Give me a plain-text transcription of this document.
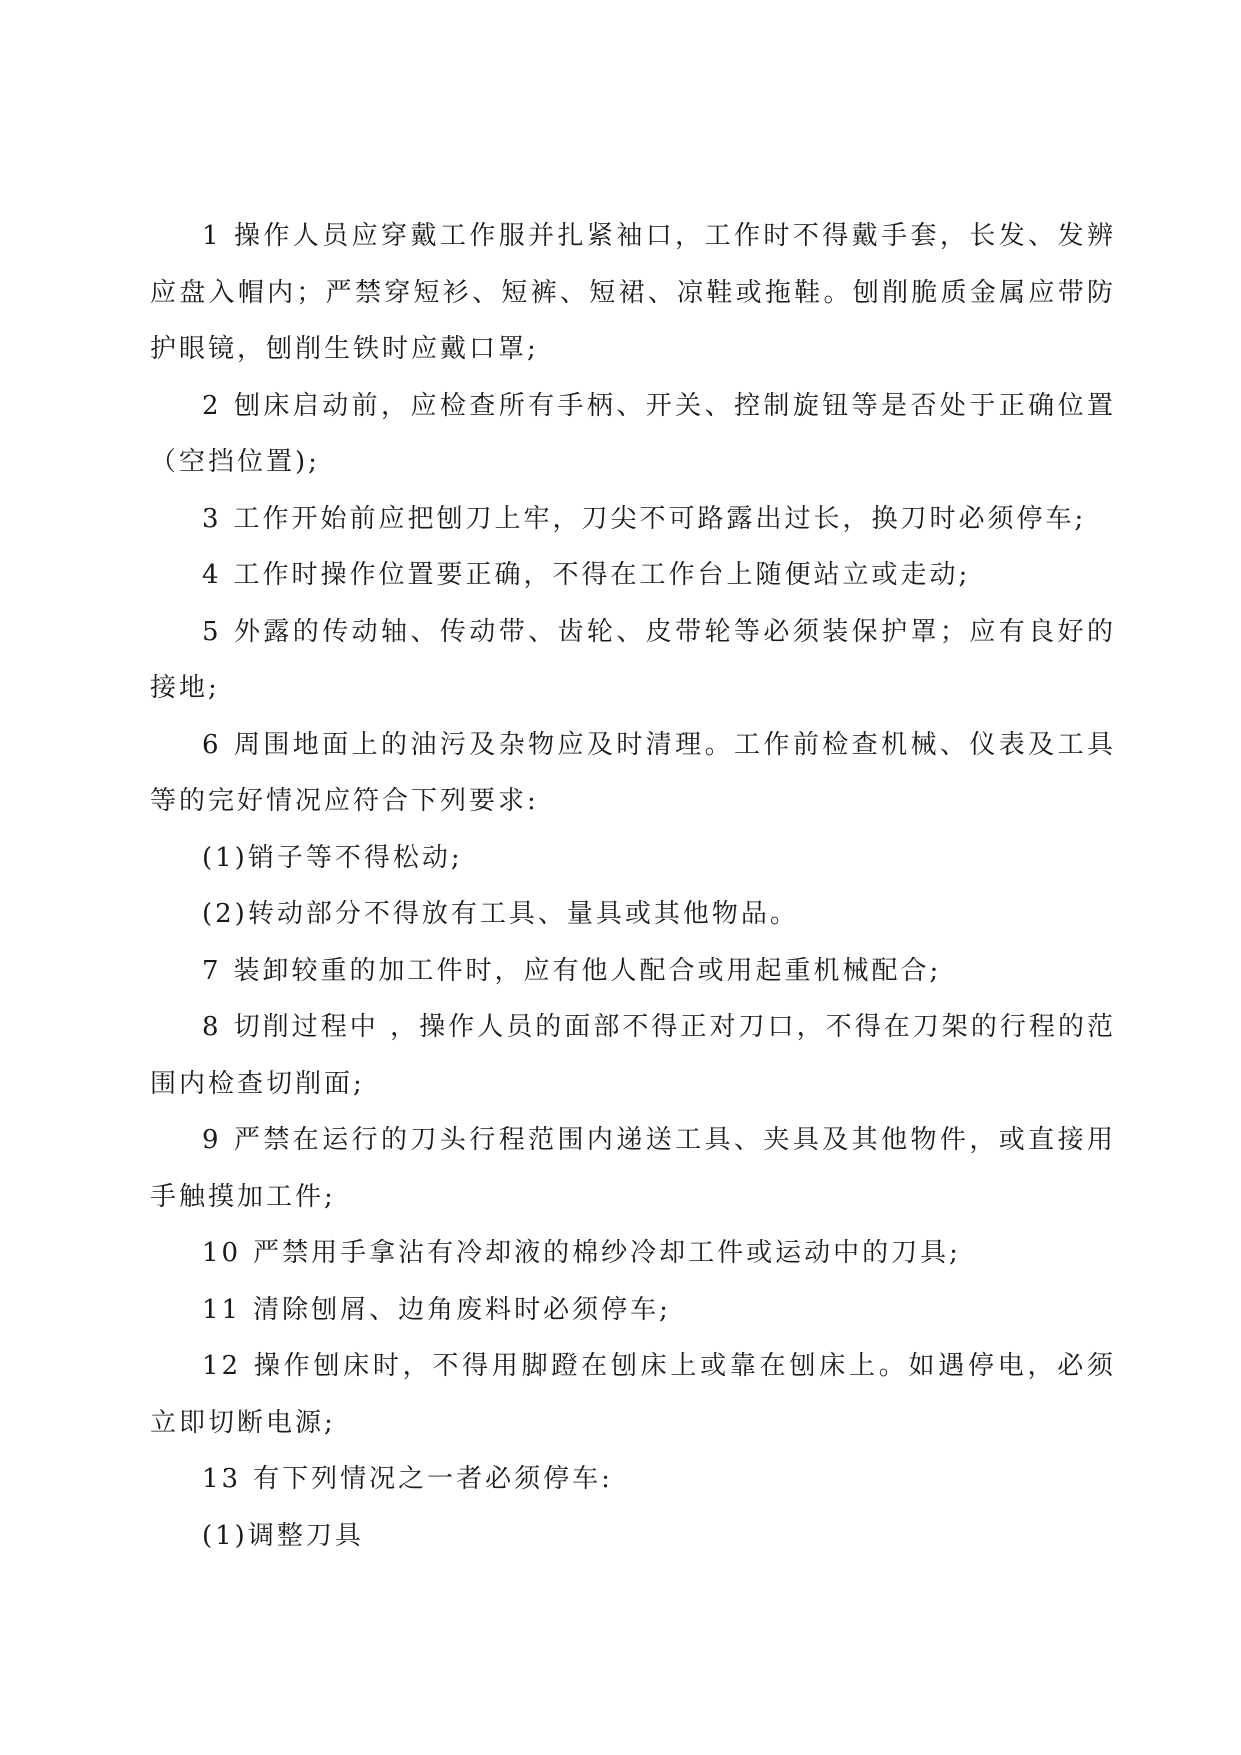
1 操作人员应穿戴工作服并扎紧袖口，工作时不得戴手套，长发、发辨应盘入帽内；严禁穿短衫、短裤、短裙、凉鞋或拖鞋。刨削脆质金属应带防护眼镜，刨削生铁时应戴口罩;

2 刨床启动前，应检查所有手柄、开关、控制旋钮等是否处于正确位置（空挡位置);

3 工作开始前应把刨刀上牢，刀尖不可路露出过长，换刀时必须停车;

4 工作时操作位置要正确，不得在工作台上随便站立或走动;

5 外露的传动轴、传动带、齿轮、皮带轮等必须装保护罩；应有良好的接地;

6 周围地面上的油污及杂物应及时清理。工作前检查机械、仪表及工具等的完好情况应符合下列要求:

(1)销子等不得松动;

(2)转动部分不得放有工具、量具或其他物品。

7 装卸较重的加工件时，应有他人配合或用起重机械配合;

8 切削过程中 ，操作人员的面部不得正对刀口，不得在刀架的行程的范围内检查切削面;

9 严禁在运行的刀头行程范围内递送工具、夹具及其他物件，或直接用手触摸加工件;

10 严禁用手拿沾有冷却液的棉纱冷却工件或运动中的刀具;

11 清除刨屑、边角废料时必须停车;

12 操作刨床时，不得用脚蹬在刨床上或靠在刨床上。如遇停电，必须立即切断电源;

13 有下列情况之一者必须停车:

(1)调整刀具
